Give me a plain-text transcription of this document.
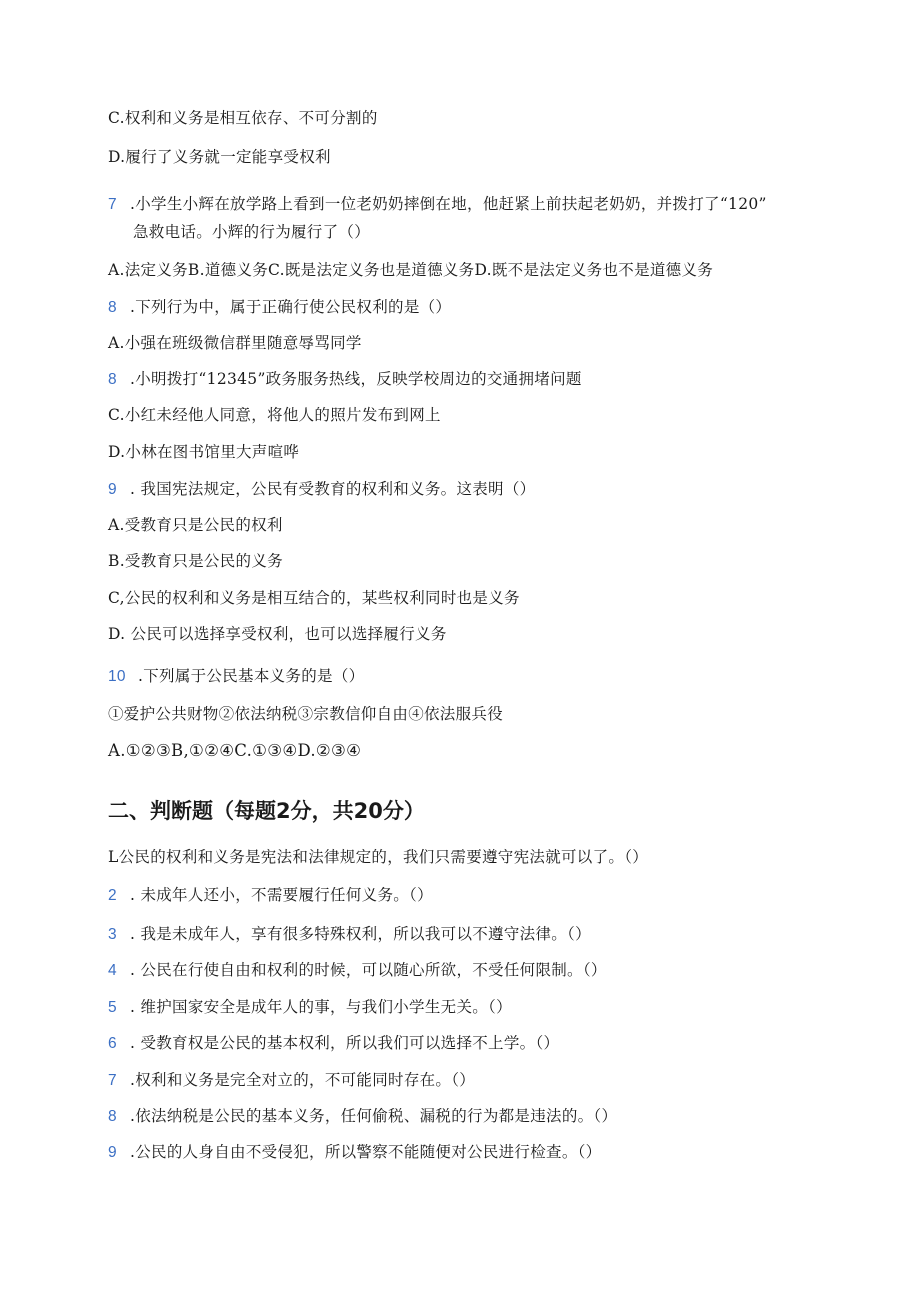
C.权利和义务是相互依存、不可分割的
D.履行了义务就一定能享受权利
7 .小学生小辉在放学路上看到一位老奶奶摔倒在地，他赶紧上前扶起老奶奶，并拨打了“120”
急救电话。小辉的行为履行了（）
A.法定义务B.道德义务C.既是法定义务也是道德义务D.既不是法定义务也不是道德义务
8 .下列行为中，属于正确行使公民权利的是（）
A.小强在班级微信群里随意辱骂同学
8 .小明拨打“12345”政务服务热线，反映学校周边的交通拥堵问题
C.小红未经他人同意，将他人的照片发布到网上
D.小林在图书馆里大声喧哗
9 . 我国宪法规定，公民有受教育的权利和义务。这表明（）
A.受教育只是公民的权利
B.受教育只是公民的义务
C,公民的权利和义务是相互结合的，某些权利同时也是义务
D. 公民可以选择享受权利，也可以选择履行义务
10 .下列属于公民基本义务的是（）
①爱护公共财物②依法纳税③宗教信仰自由④依法服兵役
A.①②③B,①②④C.①③④D.②③④
二、判断题（每题2分，共20分）
L公民的权利和义务是宪法和法律规定的，我们只需要遵守宪法就可以了。（）
2 . 未成年人还小，不需要履行任何义务。（）
3 . 我是未成年人，享有很多特殊权利，所以我可以不遵守法律。（）
4 . 公民在行使自由和权利的时候，可以随心所欲，不受任何限制。（）
5 . 维护国家安全是成年人的事，与我们小学生无关。（）
6 . 受教育权是公民的基本权利，所以我们可以选择不上学。（）
7 .权利和义务是完全对立的，不可能同时存在。（）
8 .依法纳税是公民的基本义务，任何偷税、漏税的行为都是违法的。（）
9 .公民的人身自由不受侵犯，所以警察不能随便对公民进行检查。（）
